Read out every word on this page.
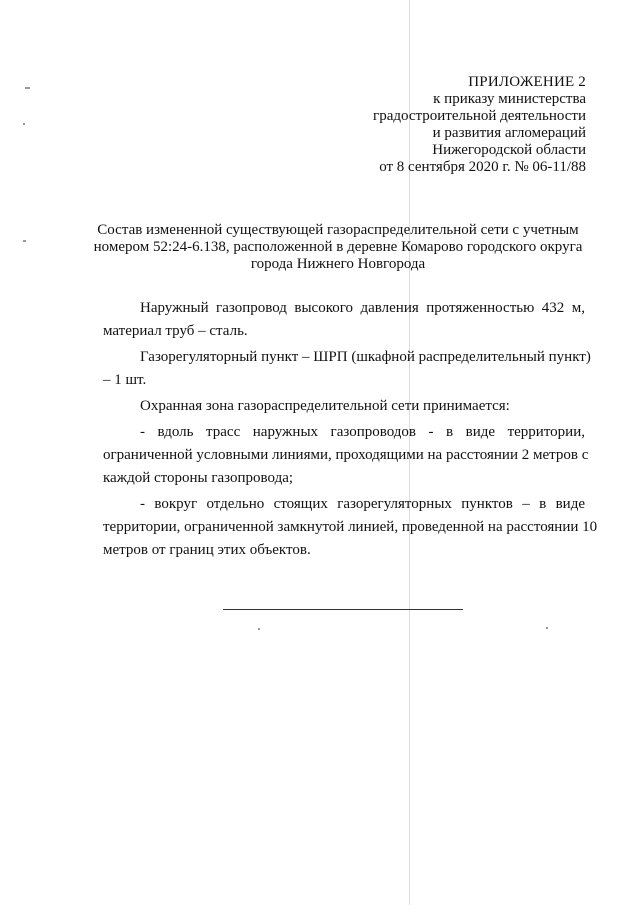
ПРИЛОЖЕНИЕ 2
к приказу министерства
градостроительной деятельности
и развития агломераций
Нижегородской области
от 8 сентября 2020 г. № 06-11/88
Состав измененной существующей газораспределительной сети с учетным
номером 52:24-6.138, расположенной в деревне Комарово городского округа
города Нижнего Новгорода
Наружный газопровод высокого давления протяженностью 432 м,
материал труб – сталь.
Газорегуляторный пункт – ШРП (шкафной распределительный пункт)
– 1 шт.
Охранная зона газораспределительной сети принимается:
- вдоль трасс наружных газопроводов - в виде территории,
ограниченной условными линиями, проходящими на расстоянии 2 метров с
каждой стороны газопровода;
- вокруг отдельно стоящих газорегуляторных пунктов – в виде
территории, ограниченной замкнутой линией, проведенной на расстоянии 10
метров от границ этих объектов.
